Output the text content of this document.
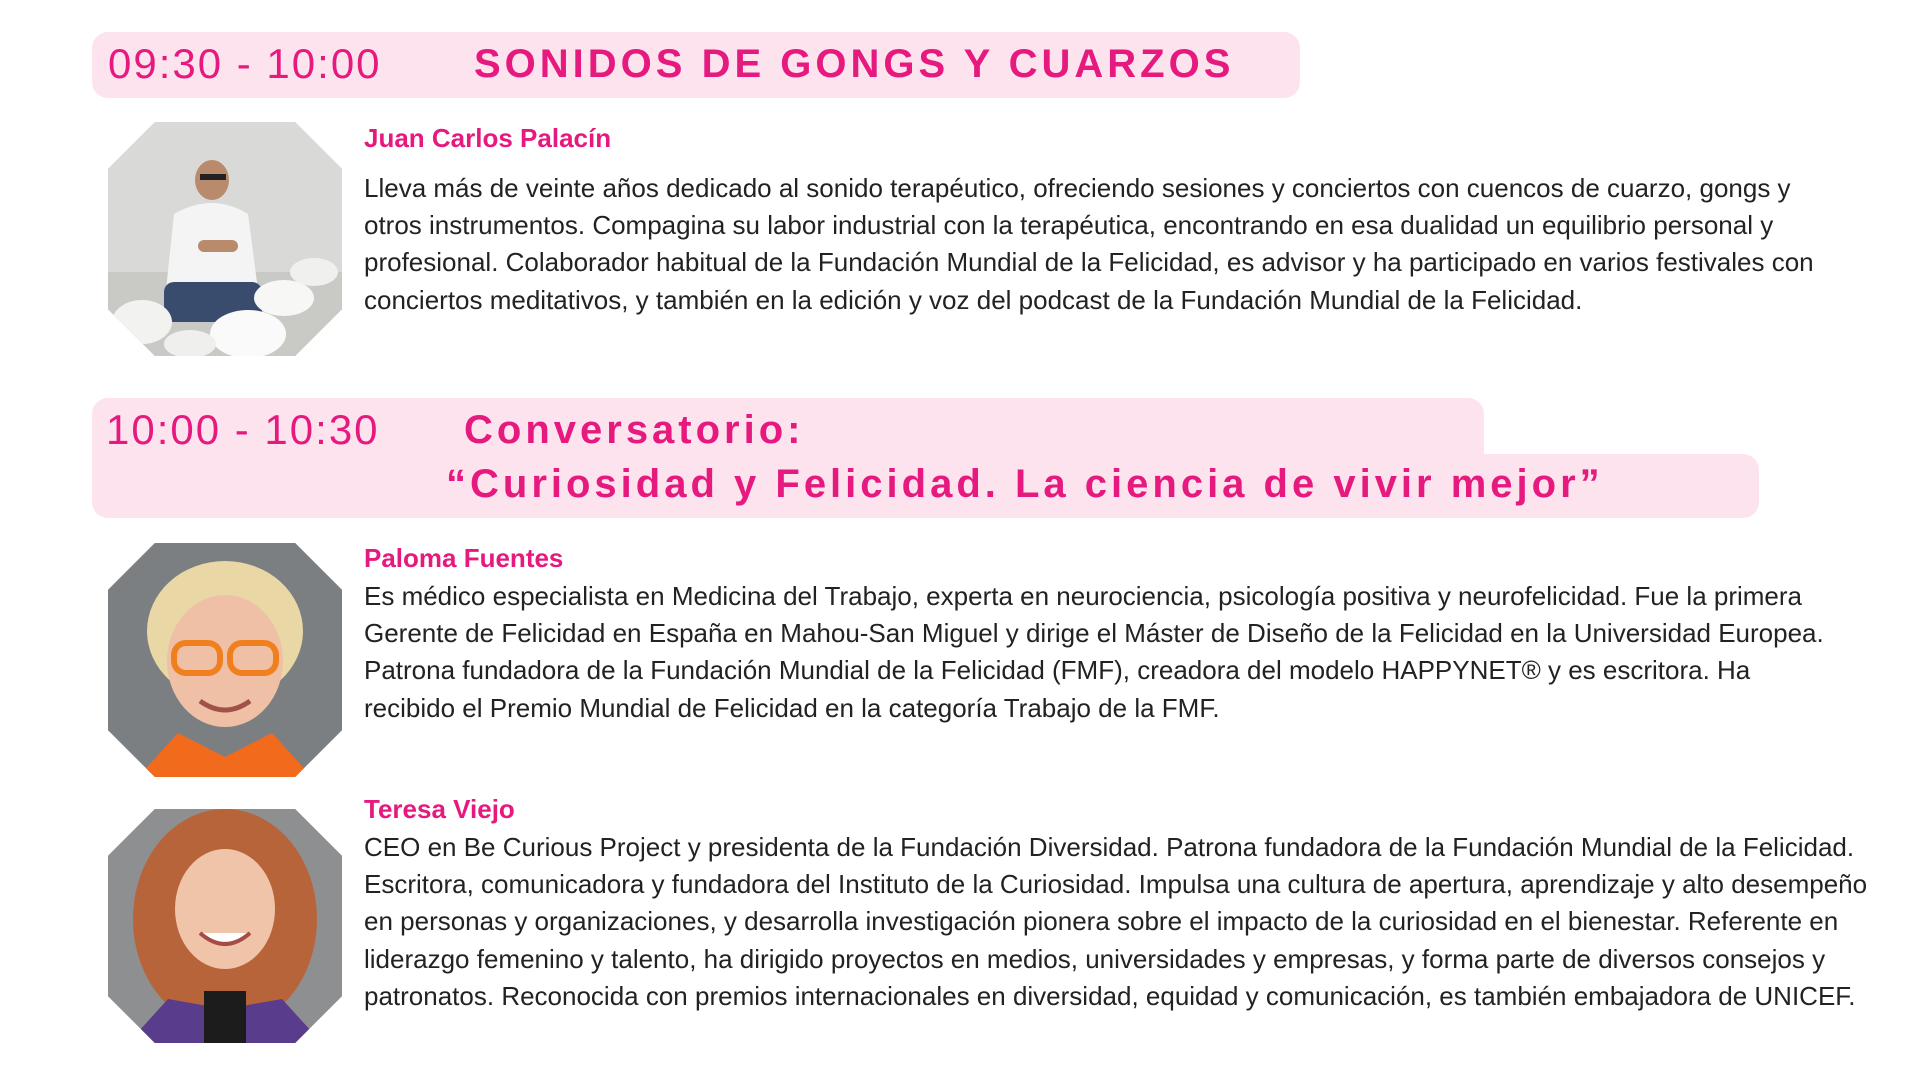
09:30 - 10:00 SONIDOS DE GONGS Y CUARZOS
Juan Carlos Palacín
Lleva más de veinte años dedicado al sonido terapéutico, ofreciendo sesiones y conciertos con cuencos de cuarzo, gongs y otros instrumentos. Compagina su labor industrial con la terapéutica, encontrando en esa dualidad un equilibrio personal y profesional. Colaborador habitual de la Fundación Mundial de la Felicidad, es advisor y ha participado en varios festivales con conciertos meditativos, y también en la edición y voz del podcast de la Fundación Mundial de la Felicidad.
10:00 - 10:30 Conversatorio:
“Curiosidad y Felicidad. La ciencia de vivir mejor”
Paloma Fuentes
Es médico especialista en Medicina del Trabajo, experta en neurociencia, psicología positiva y neurofelicidad. Fue la primera Gerente de Felicidad en España en Mahou-San Miguel y dirige el Máster de Diseño de la Felicidad en la Universidad Europea. Patrona fundadora de la Fundación Mundial de la Felicidad (FMF), creadora del modelo HAPPYNET® y es escritora. Ha recibido el Premio Mundial de Felicidad en la categoría Trabajo de la FMF.
Teresa Viejo
CEO en Be Curious Project y presidenta de la Fundación Diversidad. Patrona fundadora de la Fundación Mundial de la Felicidad. Escritora, comunicadora y fundadora del Instituto de la Curiosidad. Impulsa una cultura de apertura, aprendizaje y alto desempeño en personas y organizaciones, y desarrolla investigación pionera sobre el impacto de la curiosidad en el bienestar. Referente en liderazgo femenino y talento, ha dirigido proyectos en medios, universidades y empresas, y forma parte de diversos consejos y patronatos. Reconocida con premios internacionales en diversidad, equidad y comunicación, es también embajadora de UNICEF.
